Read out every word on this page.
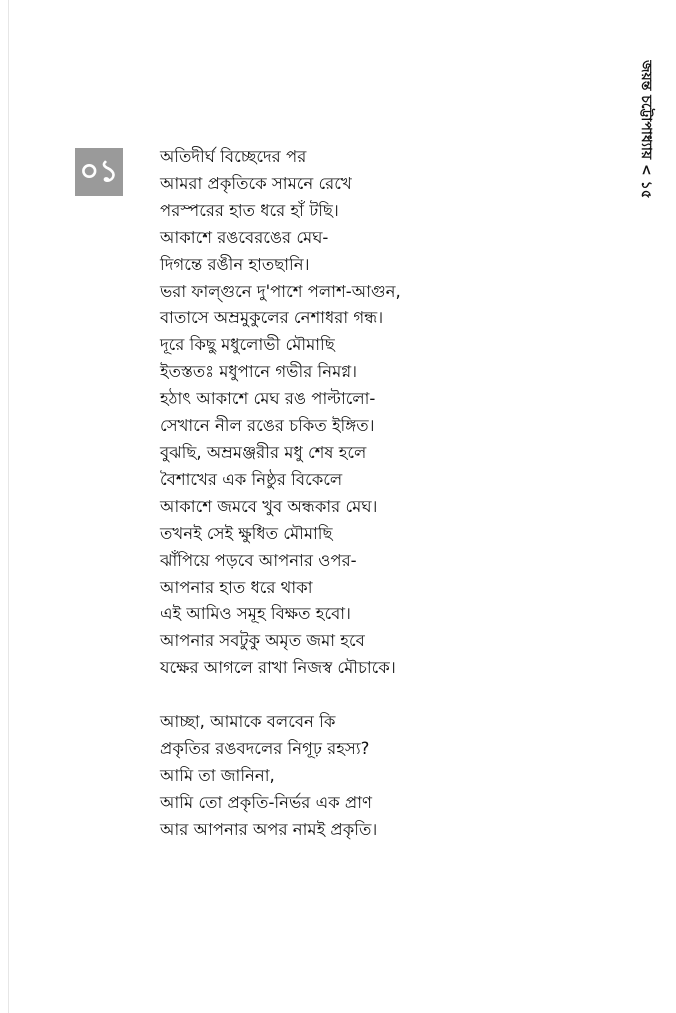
জয়ন্ত চট্টোপাধ্যায় < ১৫
০১	অতিদীর্ঘ বিচ্ছেদের পর
আমরা প্রকৃতিকে সামনে রেখে
পরস্পরের হাত ধরে হাঁ টছি।
আকাশে রঙবেরঙের মেঘ-
দিগন্তে রঙীন হাতছানি।
ভরা ফাল্গুনে দু'পাশে পলাশ-আগুন,
বাতাসে অম্রমুকুলের নেশাধরা গন্ধ।
দূরে কিছু মধুলোভী মৌমাছি
ইতস্ততঃ মধুপানে গভীর নিমগ্ন।
হঠাৎ আকাশে মেঘ রঙ পাল্টালো-
সেখানে নীল রঙের চকিত ইঙ্গিত।
বুঝছি, অম্রমঞ্জরীর মধু শেষ হলে
বৈশাখের এক নিষ্ঠুর বিকেলে
আকাশে জমবে খুব অন্ধকার মেঘ।
তখনই সেই ক্ষুধিত মৌমাছি
ঝাঁপিয়ে পড়বে আপনার ওপর-
আপনার হাত ধরে থাকা
এই আমিও সমূহ বিক্ষত হবো।
আপনার সবটুকু অমৃত জমা হবে
যক্ষের আগলে রাখা নিজস্ব মৌচাকে।
আচ্ছা, আমাকে বলবেন কি
প্রকৃতির রঙবদলের নিগূঢ় রহস্য?
আমি তা জানিনা,
আমি তো প্রকৃতি-নির্ভর এক প্রাণ
আর আপনার অপর নামই প্রকৃতি।
